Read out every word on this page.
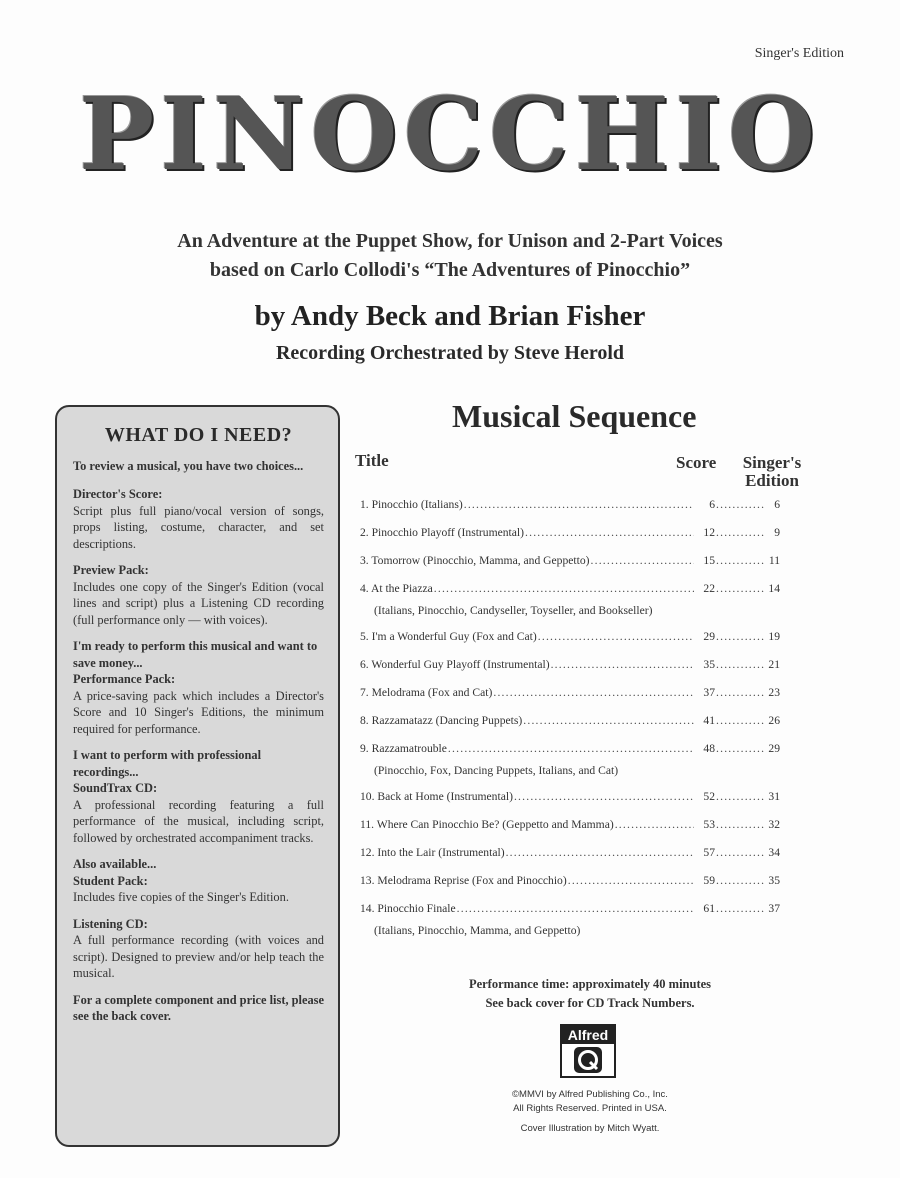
Singer's Edition
PINOCCHIO
An Adventure at the Puppet Show, for Unison and 2-Part Voices
based on Carlo Collodi's “The Adventures of Pinocchio”
by Andy Beck and Brian Fisher
Recording Orchestrated by Steve Herold
WHAT DO I NEED?
To review a musical, you have two choices...
Director's Score:
Script plus full piano/vocal version of songs, props listing, costume, character, and set descriptions.
Preview Pack:
Includes one copy of the Singer's Edition (vocal lines and script) plus a Listening CD recording (full performance only — with voices).
I'm ready to perform this musical and want to save money...
Performance Pack:
A price-saving pack which includes a Director's Score and 10 Singer's Editions, the minimum required for performance.
I want to perform with professional recordings...
SoundTrax CD:
A professional recording featuring a full performance of the musical, including script, followed by orchestrated accompaniment tracks.
Also available...
Student Pack:
Includes five copies of the Singer's Edition.
Listening CD:
A full performance recording (with voices and script). Designed to preview and/or help teach the musical.
For a complete component and price list, please see the back cover.
Musical Sequence
Title	Score	Singer's
Edition
1. Pinocchio (Italians) .....	6 .....	6
2. Pinocchio Playoff (Instrumental) .....	12 .....	9
3. Tomorrow (Pinocchio, Mamma, and Geppetto) .....	15 .....	11
4. At the Piazza .....	22 .....	14
(Italians, Pinocchio, Candyseller, Toyseller, and Bookseller)
5. I'm a Wonderful Guy (Fox and Cat) .....	29 .....	19
6. Wonderful Guy Playoff (Instrumental) .....	35 .....	21
7. Melodrama (Fox and Cat) .....	37 .....	23
8. Razzamatazz (Dancing Puppets) .....	41 .....	26
9. Razzamatrouble .....	48 .....	29
(Pinocchio, Fox, Dancing Puppets, Italians, and Cat)
10. Back at Home (Instrumental) .....	52 .....	31
11. Where Can Pinocchio Be? (Geppetto and Mamma) .....	53 .....	32
12. Into the Lair (Instrumental) .....	57 .....	34
13. Melodrama Reprise (Fox and Pinocchio) .....	59 .....	35
14. Pinocchio Finale .....	61 .....	37
(Italians, Pinocchio, Mamma, and Geppetto)
Performance time: approximately 40 minutes
See back cover for CD Track Numbers.
Alfred
©MMVI by Alfred Publishing Co., Inc.
All Rights Reserved. Printed in USA.
Cover Illustration by Mitch Wyatt.
